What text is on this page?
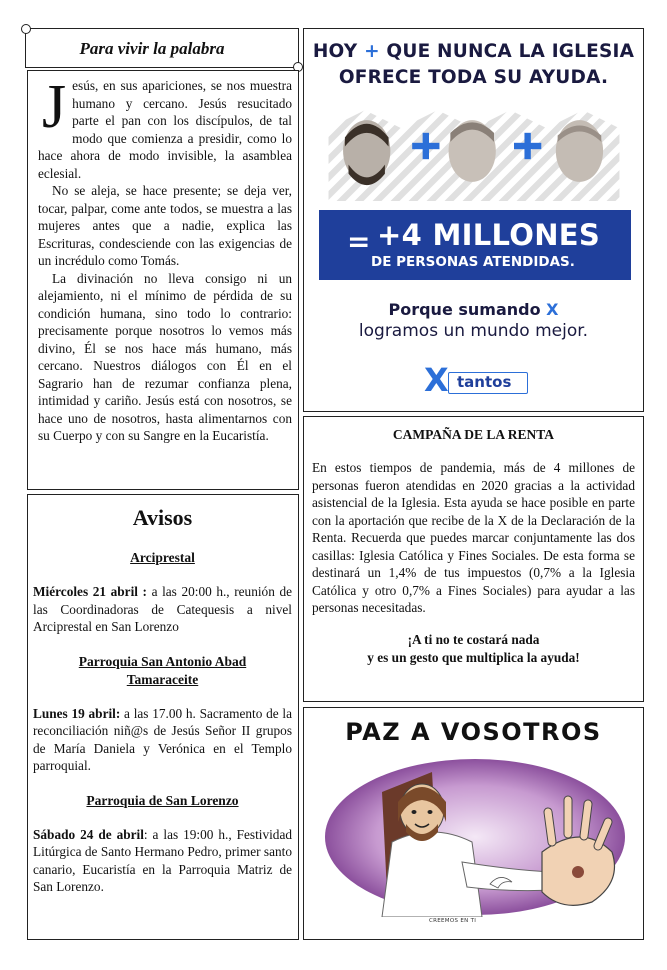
Para vivir la palabra

Jesús, en sus apariciones, se nos muestra humano y cercano. Jesús resucitado parte el pan con los discípulos, de tal modo que comienza a presidir, como lo hace ahora de modo invisible, la asamblea eclesial.

No se aleja, se hace presente; se deja ver, tocar, palpar, come ante todos, se muestra a las mujeres antes que a nadie, explica las Escrituras, condesciende con las exigencias de un incrédulo como Tomás.

La divinación no lleva consigo ni un alejamiento, ni el mínimo de pérdida de su condición humana, sino todo lo contrario: precisamente porque nosotros lo vemos más divino, Él se nos hace más humano, más cercano. Nuestros diálogos con Él en el Sagrario han de rezumar confianza plena, intimidad y cariño. Jesús está con nosotros, se hace uno de nosotros, hasta alimentarnos con su Cuerpo y con su Sangre en la Eucaristía.

Avisos
Arciprestal
Miércoles 21 abril : a las 20:00 h., reunión de las Coordinadoras de Catequesis a nivel Arciprestal en San Lorenzo
Parroquia San Antonio Abad Tamaraceite
Lunes 19 abril: a las 17.00 h. Sacramento de la reconciliación niñ@s de Jesús Señor II grupos de María Daniela y Verónica en el Templo parroquial.
Parroquia de San Lorenzo
Sábado 24 de abril: a las 19:00 h., Festividad Litúrgica de Santo Hermano Pedro, primer santo canario, Eucaristía en la Parroquia Matriz de San Lorenzo.
HOY + QUE NUNCA LA IGLESIA
OFRECE TODA SU AYUDA.
= +4 MILLONES
DE PERSONAS ATENDIDAS.
Porque sumando X
logramos un mundo mejor.
X tantos
CAMPAÑA DE LA RENTA
En estos tiempos de pandemia, más de 4 millones de personas fueron atendidas en 2020 gracias a la actividad asistencial de la Iglesia. Esta ayuda se hace posible en parte con la aportación que recibe de la X de la Declaración de la Renta. Recuerda que puedes marcar conjuntamente las dos casillas: Iglesia Católica y Fines Sociales. De esta forma se destinará un 1,4% de tus impuestos (0,7% a la Iglesia Católica y otro 0,7% a Fines Sociales) para ayudar a las personas necesitadas.
¡A ti no te costará nada
y es un gesto que multiplica la ayuda!
PAZ A VOSOTROS
CREEMOS EN TI
